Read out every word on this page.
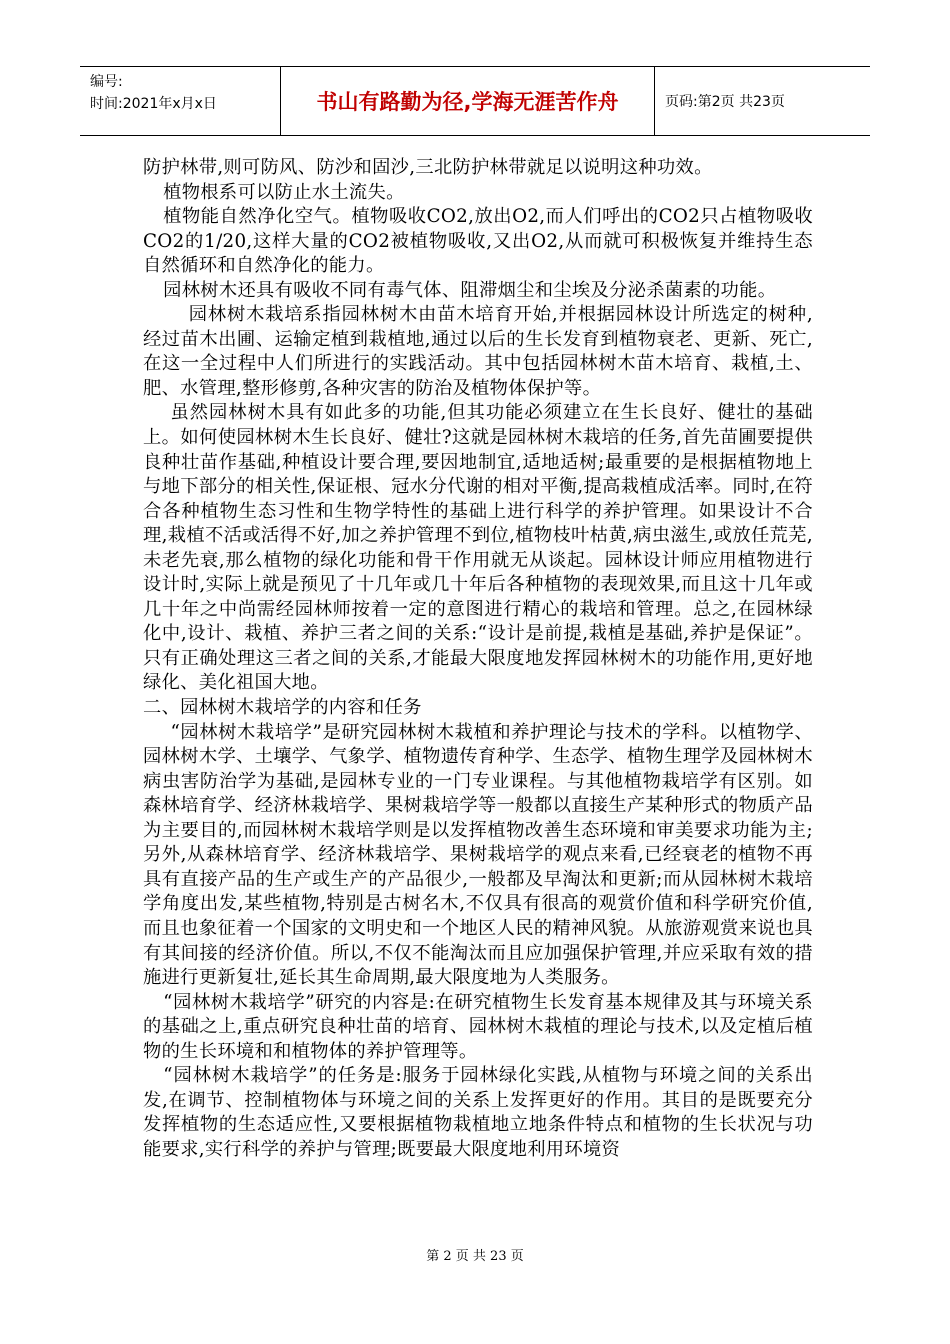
编号:
时间:2021年x月x日	书山有路勤为径,学海无涯苦作舟	页码:第2页 共23页

防护林带,则可防风、防沙和固沙,三北防护林带就足以说明这种功效。

植物根系可以防止水土流失。

植物能自然净化空气。植物吸收CO2,放出O2,而人们呼出的CO2只占植物吸收CO2的1/20,这样大量的CO2被植物吸收,又出O2,从而就可积极恢复并维持生态自然循环和自然净化的能力。

园林树木还具有吸收不同有毒气体、阻滞烟尘和尘埃及分泌杀菌素的功能。

园林树木栽培系指园林树木由苗木培育开始,并根据园林设计所选定的树种,经过苗木出圃、运输定植到栽植地,通过以后的生长发育到植物衰老、更新、死亡,在这一全过程中人们所进行的实践活动。其中包括园林树木苗木培育、栽植,土、肥、水管理,整形修剪,各种灾害的防治及植物体保护等。

虽然园林树木具有如此多的功能,但其功能必须建立在生长良好、健壮的基础上。如何使园林树木生长良好、健壮?这就是园林树木栽培的任务,首先苗圃要提供良种壮苗作基础,种植设计要合理,要因地制宜,适地适树;最重要的是根据植物地上与地下部分的相关性,保证根、冠水分代谢的相对平衡,提高栽植成活率。同时,在符合各种植物生态习性和生物学特性的基础上进行科学的养护管理。如果设计不合理,栽植不活或活得不好,加之养护管理不到位,植物枝叶枯黄,病虫滋生,或放任荒芜,未老先衰,那么植物的绿化功能和骨干作用就无从谈起。园林设计师应用植物进行设计时,实际上就是预见了十几年或几十年后各种植物的表现效果,而且这十几年或几十年之中尚需经园林师按着一定的意图进行精心的栽培和管理。总之,在园林绿化中,设计、栽植、养护三者之间的关系:“设计是前提,栽植是基础,养护是保证”。只有正确处理这三者之间的关系,才能最大限度地发挥园林树木的功能作用,更好地绿化、美化祖国大地。

二、园林树木栽培学的内容和任务

“园林树木栽培学”是研究园林树木栽植和养护理论与技术的学科。以植物学、园林树木学、土壤学、气象学、植物遗传育种学、生态学、植物生理学及园林树木病虫害防治学为基础,是园林专业的一门专业课程。与其他植物栽培学有区别。如森林培育学、经济林栽培学、果树栽培学等一般都以直接生产某种形式的物质产品为主要目的,而园林树木栽培学则是以发挥植物改善生态环境和审美要求功能为主;另外,从森林培育学、经济林栽培学、果树栽培学的观点来看,已经衰老的植物不再具有直接产品的生产或生产的产品很少,一般都及早淘汰和更新;而从园林树木栽培学角度出发,某些植物,特别是古树名木,不仅具有很高的观赏价值和科学研究价值,而且也象征着一个国家的文明史和一个地区人民的精神风貌。从旅游观赏来说也具有其间接的经济价值。所以,不仅不能淘汰而且应加强保护管理,并应采取有效的措施进行更新复壮,延长其生命周期,最大限度地为人类服务。

“园林树木栽培学”研究的内容是:在研究植物生长发育基本规律及其与环境关系的基础之上,重点研究良种壮苗的培育、园林树木栽植的理论与技术,以及定植后植物的生长环境和和植物体的养护管理等。

“园林树木栽培学”的任务是:服务于园林绿化实践,从植物与环境之间的关系出发,在调节、控制植物体与环境之间的关系上发挥更好的作用。其目的是既要充分发挥植物的生态适应性,又要根据植物栽植地立地条件特点和植物的生长状况与功能要求,实行科学的养护与管理;既要最大限度地利用环境资

第 2 页 共 23 页
